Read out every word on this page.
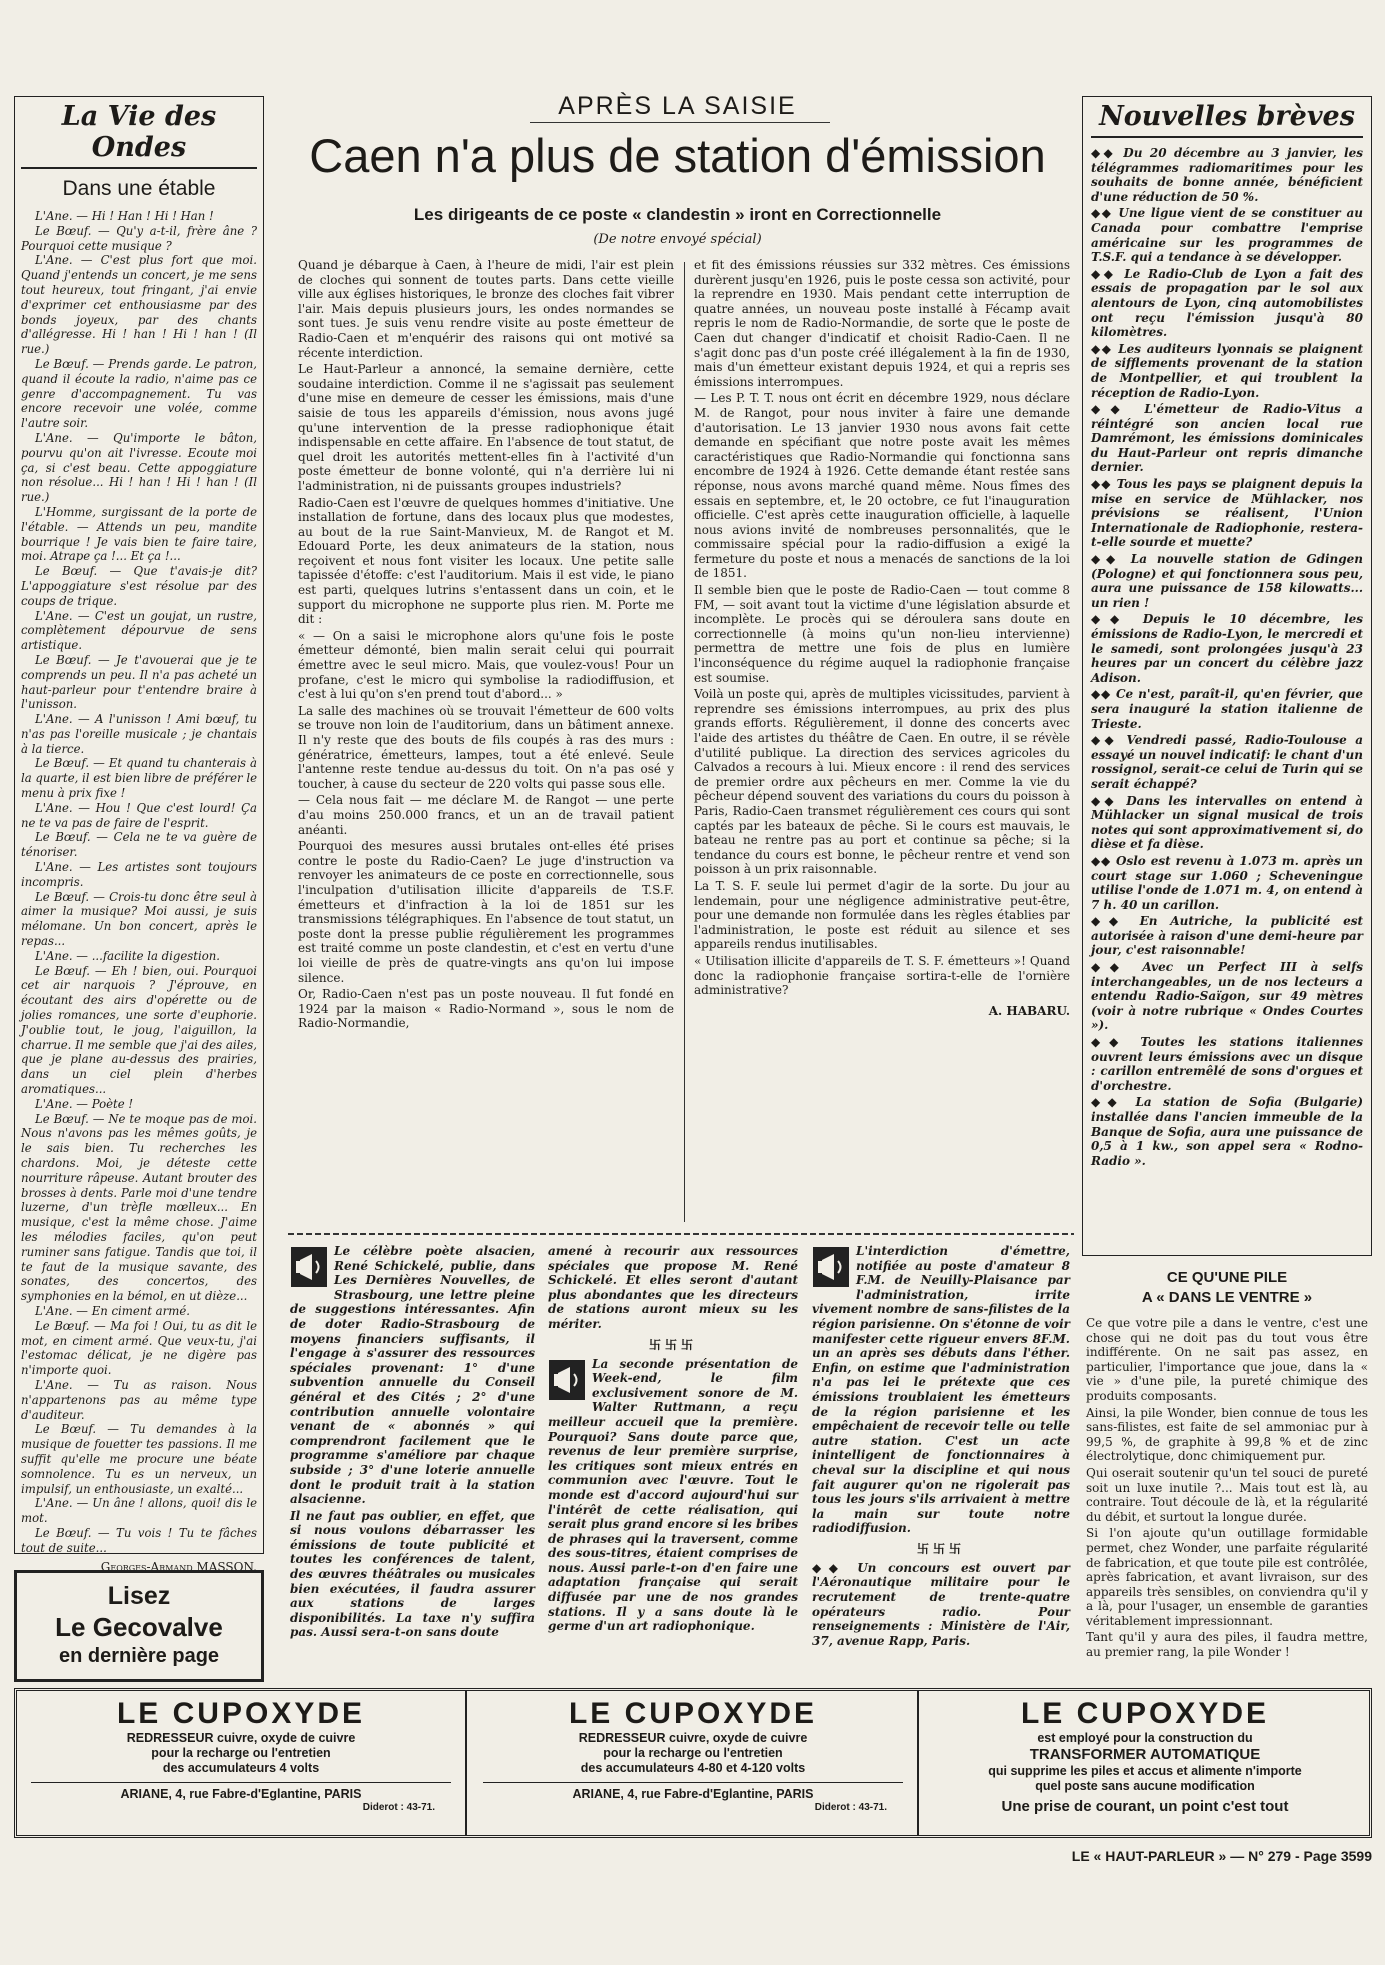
La Vie des Ondes
Dans une étable
L'Ane. — Hi ! Han ! Hi ! Han !
Le Bœuf. — Qu'y a-t-il, frère âne ? Pourquoi cette musique ?
L'Ane. — C'est plus fort que moi. Quand j'entends un concert, je me sens tout heureux, tout fringant, j'ai envie d'exprimer cet enthousiasme par des bonds joyeux, par des chants d'allégresse. Hi ! han ! Hi ! han ! (Il rue.)
Le Bœuf. — Prends garde. Le patron, quand il écoute la radio, n'aime pas ce genre d'accompagnement. Tu vas encore recevoir une volée, comme l'autre soir.
L'Ane. — Qu'importe le bâton, pourvu qu'on ait l'ivresse. Ecoute moi ça, si c'est beau. Cette appoggiature non résolue... Hi ! han ! Hi ! han ! (Il rue.)
L'Homme, surgissant de la porte de l'étable. — Attends un peu, mandite bourrique ! Je vais bien te faire taire, moi. Atrape ça !... Et ça !...
Le Bœuf. — Que t'avais-je dit? L'appoggiature s'est résolue par des coups de trique.
L'Ane. — C'est un goujat, un rustre, complètement dépourvue de sens artistique.
Le Bœuf. — Je t'avouerai que je te comprends un peu. Il n'a pas acheté un haut-parleur pour t'entendre braire à l'unisson.
L'Ane. — A l'unisson ! Ami bœuf, tu n'as pas l'oreille musicale ; je chantais à la tierce.
Le Bœuf. — Et quand tu chanterais à la quarte, il est bien libre de préférer le menu à prix fixe !
L'Ane. — Hou ! Que c'est lourd! Ça ne te va pas de faire de l'esprit.
Le Bœuf. — Cela ne te va guère de ténoriser.
L'Ane. — Les artistes sont toujours incompris.
Le Bœuf. — Crois-tu donc être seul à aimer la musique? Moi aussi, je suis mélomane. Un bon concert, après le repas...
L'Ane. — ...facilite la digestion.
Le Bœuf. — Eh ! bien, oui. Pourquoi cet air narquois ? J'éprouve, en écoutant des airs d'opérette ou de jolies romances, une sorte d'euphorie. J'oublie tout, le joug, l'aiguillon, la charrue. Il me semble que j'ai des ailes, que je plane au-dessus des prairies, dans un ciel plein d'herbes aromatiques...
L'Ane. — Poète !
Le Bœuf. — Ne te moque pas de moi. Nous n'avons pas les mêmes goûts, je le sais bien. Tu recherches les chardons. Moi, je déteste cette nourriture râpeuse. Autant brouter des brosses à dents. Parle moi d'une tendre luzerne, d'un trèfle mœlleux... En musique, c'est la même chose. J'aime les mélodies faciles, qu'on peut ruminer sans fatigue. Tandis que toi, il te faut de la musique savante, des sonates, des concertos, des symphonies en la bémol, en ut dièze...
L'Ane. — En ciment armé.
Le Bœuf. — Ma foi ! Oui, tu as dit le mot, en ciment armé. Que veux-tu, j'ai l'estomac délicat, je ne digère pas n'importe quoi.
L'Ane. — Tu as raison. Nous n'appartenons pas au même type d'auditeur.
Le Bœuf. — Tu demandes à la musique de fouetter tes passions. Il me suffit qu'elle me procure une béate somnolence. Tu es un nerveux, un impulsif, un enthousiaste, un exalté...
L'Ane. — Un âne ! allons, quoi! dis le mot.
Le Bœuf. — Tu vois ! Tu te fâches tout de suite...
Georges-Armand MASSON.
Lisez
Le Gecovalve
en dernière page
APRÈS LA SAISIE
Caen n'a plus de station d'émission
Les dirigeants de ce poste « clandestin » iront en Correctionnelle
(De notre envoyé spécial)
Quand je débarque à Caen, à l'heure de midi, l'air est plein de cloches qui sonnent de toutes parts. Dans cette vieille ville aux églises historiques, le bronze des cloches fait vibrer l'air. Mais depuis plusieurs jours, les ondes normandes se sont tues. Je suis venu rendre visite au poste émetteur de Radio-Caen et m'enquérir des raisons qui ont motivé sa récente interdiction.
Le Haut-Parleur a annoncé, la semaine dernière, cette soudaine interdiction. Comme il ne s'agissait pas seulement d'une mise en demeure de cesser les émissions, mais d'une saisie de tous les appareils d'émission, nous avons jugé qu'une intervention de la presse radiophonique était indispensable en cette affaire. En l'absence de tout statut, de quel droit les autorités mettent-elles fin à l'activité d'un poste émetteur de bonne volonté, qui n'a derrière lui ni l'administration, ni de puissants groupes industriels?
Radio-Caen est l'œuvre de quelques hommes d'initiative. Une installation de fortune, dans des locaux plus que modestes, au bout de la rue Saint-Manvieux, M. de Rangot et M. Edouard Porte, les deux animateurs de la station, nous reçoivent et nous font visiter les locaux. Une petite salle tapissée d'étoffe: c'est l'auditorium. Mais il est vide, le piano est parti, quelques lutrins s'entassent dans un coin, et le support du microphone ne supporte plus rien. M. Porte me dit :
« — On a saisi le microphone alors qu'une fois le poste émetteur démonté, bien malin serait celui qui pourrait émettre avec le seul micro. Mais, que voulez-vous! Pour un profane, c'est le micro qui symbolise la radiodiffusion, et c'est à lui qu'on s'en prend tout d'abord... »
La salle des machines où se trouvait l'émetteur de 600 volts se trouve non loin de l'auditorium, dans un bâtiment annexe. Il n'y reste que des bouts de fils coupés à ras des murs : génératrice, émetteurs, lampes, tout a été enlevé. Seule l'antenne reste tendue au-dessus du toit. On n'a pas osé y toucher, à cause du secteur de 220 volts qui passe sous elle.
— Cela nous fait — me déclare M. de Rangot — une perte d'au moins 250.000 francs, et un an de travail patient anéanti.
Pourquoi des mesures aussi brutales ont-elles été prises contre le poste du Radio-Caen? Le juge d'instruction va renvoyer les animateurs de ce poste en correctionnelle, sous l'inculpation d'utilisation illicite d'appareils de T.S.F. émetteurs et d'infraction à la loi de 1851 sur les transmissions télégraphiques. En l'absence de tout statut, un poste dont la presse publie régulièrement les programmes est traité comme un poste clandestin, et c'est en vertu d'une loi vieille de près de quatre-vingts ans qu'on lui impose silence.
Or, Radio-Caen n'est pas un poste nouveau. Il fut fondé en 1924 par la maison « Radio-Normand », sous le nom de Radio-Normandie,
et fit des émissions réussies sur 332 mètres. Ces émissions durèrent jusqu'en 1926, puis le poste cessa son activité, pour la reprendre en 1930. Mais pendant cette interruption de quatre années, un nouveau poste installé à Fécamp avait repris le nom de Radio-Normandie, de sorte que le poste de Caen dut changer d'indicatif et choisit Radio-Caen. Il ne s'agit donc pas d'un poste créé illégalement à la fin de 1930, mais d'un émetteur existant depuis 1924, et qui a repris ses émissions interrompues.
— Les P. T. T. nous ont écrit en décembre 1929, nous déclare M. de Rangot, pour nous inviter à faire une demande d'autorisation. Le 13 janvier 1930 nous avons fait cette demande en spécifiant que notre poste avait les mêmes caractéristiques que Radio-Normandie qui fonctionna sans encombre de 1924 à 1926. Cette demande étant restée sans réponse, nous avons marché quand même. Nous fîmes des essais en septembre, et, le 20 octobre, ce fut l'inauguration officielle. C'est après cette inauguration officielle, à laquelle nous avions invité de nombreuses personnalités, que le commissaire spécial pour la radio-diffusion a exigé la fermeture du poste et nous a menacés de sanctions de la loi de 1851.
Il semble bien que le poste de Radio-Caen — tout comme 8 FM, — soit avant tout la victime d'une législation absurde et incomplète. Le procès qui se déroulera sans doute en correctionnelle (à moins qu'un non-lieu intervienne) permettra de mettre une fois de plus en lumière l'inconséquence du régime auquel la radiophonie française est soumise.
Voilà un poste qui, après de multiples vicissitudes, parvient à reprendre ses émissions interrompues, au prix des plus grands efforts. Régulièrement, il donne des concerts avec l'aide des artistes du théâtre de Caen. En outre, il se révèle d'utilité publique. La direction des services agricoles du Calvados a recours à lui. Mieux encore : il rend des services de premier ordre aux pêcheurs en mer. Comme la vie du pêcheur dépend souvent des variations du cours du poisson à Paris, Radio-Caen transmet régulièrement ces cours qui sont captés par les bateaux de pêche. Si le cours est mauvais, le bateau ne rentre pas au port et continue sa pêche; si la tendance du cours est bonne, le pêcheur rentre et vend son poisson à un prix raisonnable.
La T. S. F. seule lui permet d'agir de la sorte. Du jour au lendemain, pour une négligence administrative peut-être, pour une demande non formulée dans les règles établies par l'administration, le poste est réduit au silence et ses appareils rendus inutilisables.
« Utilisation illicite d'appareils de T. S. F. émetteurs »! Quand donc la radiophonie française sortira-t-elle de l'ornière administrative?
A. HABARU.
Le célèbre poète alsacien, René Schickelé, publie, dans Les Dernières Nouvelles, de Strasbourg, une lettre pleine de suggestions intéressantes. Afin de doter Radio-Strasbourg de moyens financiers suffisants, il l'engage à s'assurer des ressources spéciales provenant: 1° d'une subvention annuelle du Conseil général et des Cités ; 2° d'une contribution annuelle volontaire venant de « abonnés » qui comprendront facilement que le programme s'améliore par chaque subside ; 3° d'une loterie annuelle dont le produit trait à la station alsacienne.
Il ne faut pas oublier, en effet, que si nous voulons débarrasser les émissions de toute publicité et toutes les conférences de talent, des œuvres théâtrales ou musicales bien exécutées, il faudra assurer aux stations de larges disponibilités. La taxe n'y suffira pas. Aussi sera-t-on sans doute
amené à recourir aux ressources spéciales que propose M. René Schickelé. Et elles seront d'autant plus abondantes que les directeurs de stations auront mieux su les mériter.
卐卐卐
La seconde présentation de Week-end, le film exclusivement sonore de M. Walter Ruttmann, a reçu meilleur accueil que la première. Pourquoi? Sans doute parce que, revenus de leur première surprise, les critiques sont mieux entrés en communion avec l'œuvre. Tout le monde est d'accord aujourd'hui sur l'intérêt de cette réalisation, qui serait plus grand encore si les bribes de phrases qui la traversent, comme des sous-titres, étaient comprises de nous. Aussi parle-t-on d'en faire une adaptation française qui serait diffusée par une de nos grandes stations. Il y a sans doute là le germe d'un art radiophonique.
L'interdiction d'émettre, notifiée au poste d'amateur 8 F.M. de Neuilly-Plaisance par l'administration, irrite vivement nombre de sans-filistes de la région parisienne. On s'étonne de voir manifester cette rigueur envers 8F.M. un an après ses débuts dans l'éther. Enfin, on estime que l'administration n'a pas lei le prétexte que ces émissions troublaient les émetteurs de la région parisienne et les empêchaient de recevoir telle ou telle autre station. C'est un acte inintelligent de fonctionnaires à cheval sur la discipline et qui nous fait augurer qu'on ne rigolerait pas tous les jours s'ils arrivaient à mettre la main sur toute notre radiodiffusion.
卐卐卐
◆◆ Un concours est ouvert par l'Aéronautique militaire pour le recrutement de trente-quatre opérateurs radio. Pour renseignements : Ministère de l'Air, 37, avenue Rapp, Paris.
Nouvelles brèves
◆◆ Du 20 décembre au 3 janvier, les télégrammes radiomaritimes pour les souhaits de bonne année, bénéficient d'une réduction de 50 %.
◆◆ Une ligue vient de se constituer au Canada pour combattre l'emprise américaine sur les programmes de T.S.F. qui a tendance à se développer.
◆◆ Le Radio-Club de Lyon a fait des essais de propagation par le sol aux alentours de Lyon, cinq automobilistes ont reçu l'émission jusqu'à 80 kilomètres.
◆◆ Les auditeurs lyonnais se plaignent de sifflements provenant de la station de Montpellier, et qui troublent la réception de Radio-Lyon.
◆◆ L'émetteur de Radio-Vitus a réintégré son ancien local rue Damrémont, les émissions dominicales du Haut-Parleur ont repris dimanche dernier.
◆◆ Tous les pays se plaignent depuis la mise en service de Mühlacker, nos prévisions se réalisent, l'Union Internationale de Radiophonie, restera-t-elle sourde et muette?
◆◆ La nouvelle station de Gdingen (Pologne) et qui fonctionnera sous peu, aura une puissance de 158 kilowatts... un rien !
◆◆ Depuis le 10 décembre, les émissions de Radio-Lyon, le mercredi et le samedi, sont prolongées jusqu'à 23 heures par un concert du célèbre jazz Adison.
◆◆ Ce n'est, paraît-il, qu'en février, que sera inauguré la station italienne de Trieste.
◆◆ Vendredi passé, Radio-Toulouse a essayé un nouvel indicatif: le chant d'un rossignol, serait-ce celui de Turin qui se serait échappé?
◆◆ Dans les intervalles on entend à Mühlacker un signal musical de trois notes qui sont approximativement si, do dièse et fa dièse.
◆◆ Oslo est revenu à 1.073 m. après un court stage sur 1.060 ; Scheveningue utilise l'onde de 1.071 m. 4, on entend à 7 h. 40 un carillon.
◆◆ En Autriche, la publicité est autorisée à raison d'une demi-heure par jour, c'est raisonnable!
◆◆ Avec un Perfect III à selfs interchangeables, un de nos lecteurs a entendu Radio-Saïgon, sur 49 mètres (voir à notre rubrique « Ondes Courtes »).
◆◆ Toutes les stations italiennes ouvrent leurs émissions avec un disque : carillon entremêlé de sons d'orgues et d'orchestre.
◆◆ La station de Sofia (Bulgarie) installée dans l'ancien immeuble de la Banque de Sofia, aura une puissance de 0,5 à 1 kw., son appel sera « Rodno-Radio ».
CE QU'UNE PILE
A « DANS LE VENTRE »
Ce que votre pile a dans le ventre, c'est une chose qui ne doit pas du tout vous être indifférente. On ne sait pas assez, en particulier, l'importance que joue, dans la « vie » d'une pile, la pureté chimique des produits composants.
Ainsi, la pile Wonder, bien connue de tous les sans-filistes, est faite de sel ammoniac pur à 99,5 %, de graphite à 99,8 % et de zinc électrolytique, donc chimiquement pur.
Qui oserait soutenir qu'un tel souci de pureté soit un luxe inutile ?... Mais tout est là, au contraire. Tout découle de là, et la régularité du débit, et surtout la longue durée.
Si l'on ajoute qu'un outillage formidable permet, chez Wonder, une parfaite régularité de fabrication, et que toute pile est contrôlée, après fabrication, et avant livraison, sur des appareils très sensibles, on conviendra qu'il y a là, pour l'usager, un ensemble de garanties véritablement impressionnant.
Tant qu'il y aura des piles, il faudra mettre, au premier rang, la pile Wonder !
LE CUPOXYDE
REDRESSEUR cuivre, oxyde de cuivre
pour la recharge ou l'entretien
des accumulateurs 4 volts
ARIANE, 4, rue Fabre-d'Eglantine, PARIS
Diderot : 43-71.
LE CUPOXYDE
REDRESSEUR cuivre, oxyde de cuivre
pour la recharge ou l'entretien
des accumulateurs 4-80 et 4-120 volts
ARIANE, 4, rue Fabre-d'Eglantine, PARIS
Diderot : 43-71.
LE CUPOXYDE
est employé pour la construction du
TRANSFORMER AUTOMATIQUE
qui supprime les piles et accus et alimente n'importe
quel poste sans aucune modification
Une prise de courant, un point c'est tout
LE « HAUT-PARLEUR » — N° 279 - Page 3599
